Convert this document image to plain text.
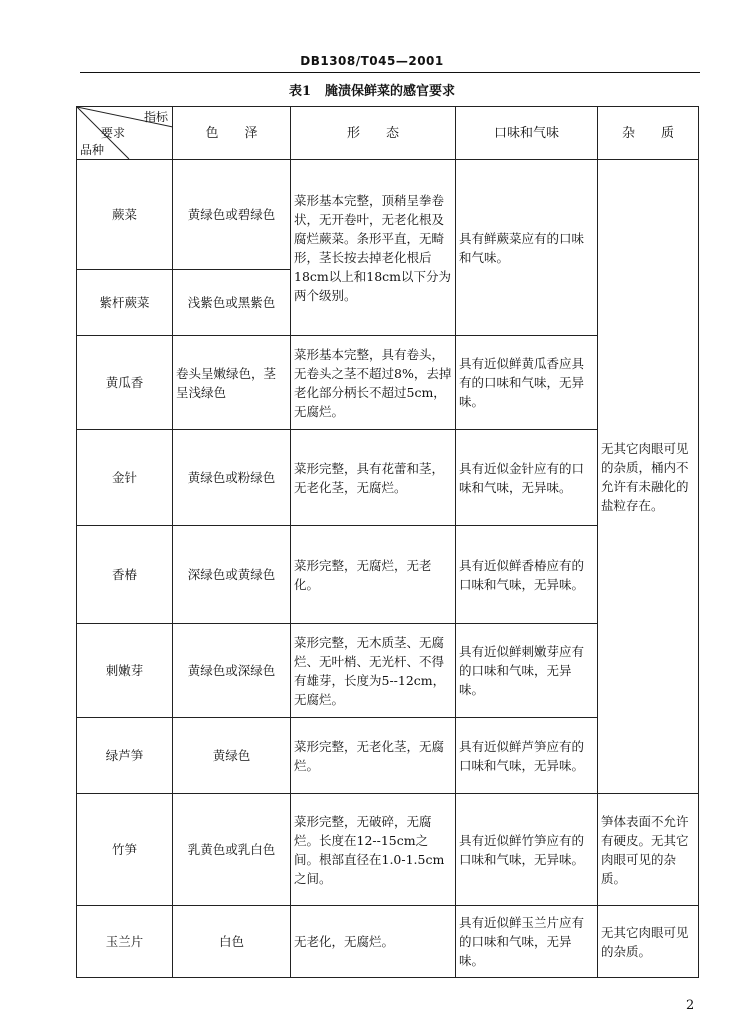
DB1308/T045—2001
表1 腌渍保鲜菜的感官要求
指标
要求
品种	色　　泽	形　　态	口味和气味	杂　　质
蕨菜	黄绿色或碧绿色	菜形基本完整，顶稍呈拳卷状，无开卷叶，无老化根及腐烂蕨菜。条形平直，无畸形，茎长按去掉老化根后18cm以上和18cm以下分为两个级别。	具有鲜蕨菜应有的口味和气味。	无其它肉眼可见的杂质，桶内不允许有未融化的盐粒存在。
紫杆蕨菜	浅紫色或黑紫色			
黄瓜香	卷头呈嫩绿色，茎呈浅绿色	菜形基本完整，具有卷头，无卷头之茎不超过8%，去掉老化部分柄长不超过5cm，无腐烂。	具有近似鲜黄瓜香应具有的口味和气味，无异味。	
金针	黄绿色或粉绿色	菜形完整，具有花蕾和茎，无老化茎，无腐烂。	具有近似金针应有的口味和气味，无异味。	
香椿	深绿色或黄绿色	菜形完整，无腐烂，无老化。	具有近似鲜香椿应有的口味和气味，无异味。	
刺嫩芽	黄绿色或深绿色	菜形完整，无木质茎、无腐烂、无叶梢、无光杆、不得有雄芽，长度为5--12cm，无腐烂。	具有近似鲜刺嫩芽应有的口味和气味，无异味。	
绿芦笋	黄绿色	菜形完整，无老化茎，无腐烂。	具有近似鲜芦笋应有的口味和气味，无异味。	
竹笋	乳黄色或乳白色	菜形完整，无破碎，无腐烂。长度在12--15cm之间。根部直径在1.0-1.5cm之间。	具有近似鲜竹笋应有的口味和气味，无异味。	笋体表面不允许有硬皮。无其它肉眼可见的杂质。
玉兰片	白色	无老化，无腐烂。	具有近似鲜玉兰片应有的口味和气味，无异味。	无其它肉眼可见的杂质。
2
